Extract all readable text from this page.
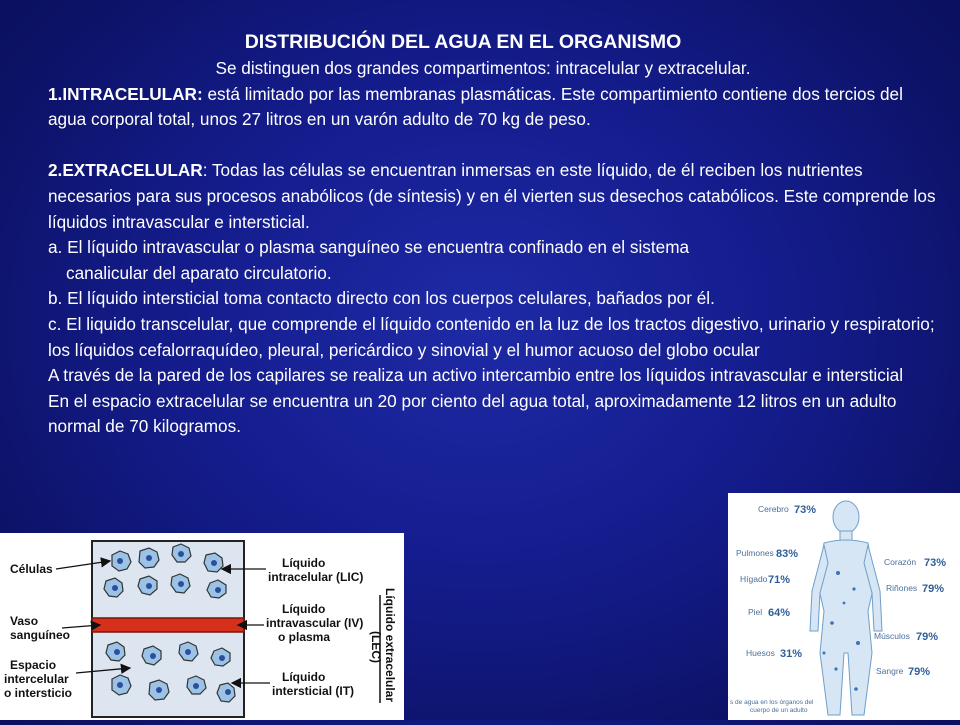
DISTRIBUCIÓN DEL AGUA EN EL ORGANISMO
Se distinguen dos grandes compartimentos: intracelular y extracelular.
1.INTRACELULAR: está limitado por las membranas plasmáticas. Este compartimiento contiene dos tercios del agua corporal total, unos 27 litros en un varón adulto de 70 kg de peso.
2.EXTRACELULAR: Todas las células se encuentran inmersas en este líquido, de él reciben los nutrientes necesarios para sus procesos anabólicos (de síntesis) y en él vierten sus desechos catabólicos. Este comprende los líquidos intravascular e intersticial.
a. El líquido intravascular o plasma sanguíneo se encuentra confinado en el sistema
canalicular del aparato circulatorio.
b. El líquido intersticial toma contacto directo con los cuerpos celulares, bañados por él.
c. El liquido transcelular, que comprende el líquido contenido en la luz de los tractos digestivo, urinario y respiratorio; los líquidos cefalorraquídeo, pleural, pericárdico y sinovial y el humor acuoso del globo ocular
A través de la pared de los capilares se realiza un activo intercambio entre los líquidos intravascular e intersticial
En el espacio extracelular se encuentra un 20 por ciento del agua total, aproximadamente 12 litros en un adulto normal de 70 kilogramos.
Células
Vaso
sanguíneo
Espacio
intercelular
o intersticio
Líquido
intracelular (LIC)
Líquido
intravascular (IV)
o plasma
Líquido
intersticial (IT) Líquido extracelular
(LEC)
Cerebro
Pulmones
Hígado
Piel
Huesos
Corazón
Riñones
Músculos
Sangre
73%
83%
71%
64%
31%
73%
79%
79%
79%
s de agua en los órganos del
cuerpo de un adulto
